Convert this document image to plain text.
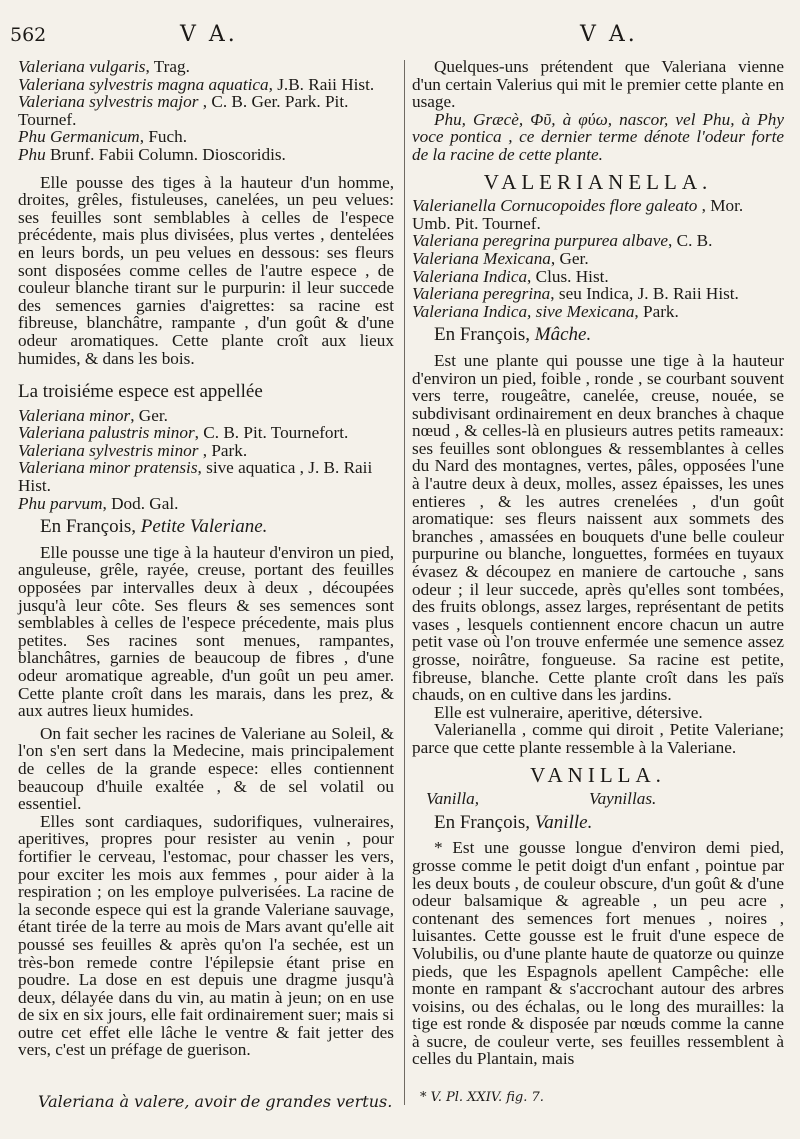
562	V A.	V A.

Valeriana vulgaris, Trag.

Valeriana sylvestris magna aquatica, J.B. Raii Hist.

Valeriana sylvestris major , C. B. Ger. Park. Pit. Tournef.

Phu Germanicum, Fuch.

Phu Brunf. Fabii Column. Dioscoridis.

Elle pousse des tiges à la hauteur d'un homme, droites, grêles, fistuleuses, canelées, un peu velues: ses feuilles sont semblables à celles de l'espece précédente, mais plus divisées, plus vertes , dentelées en leurs bords, un peu velues en dessous: ses fleurs sont disposées comme celles de l'autre espece , de couleur blanche tirant sur le purpurin: il leur succede des semences garnies d'aigrettes: sa racine est fibreuse, blanchâtre, rampante , d'un goût & d'une odeur aromatiques. Cette plante croît aux lieux humides, & dans les bois.

La troisiéme espece est appellée

Valeriana minor, Ger.

Valeriana palustris minor, C. B. Pit. Tournefort.

Valeriana sylvestris minor , Park.

Valeriana minor pratensis, sive aquatica , J. B. Raii Hist.

Phu parvum, Dod. Gal.

En François, Petite Valeriane.

Elle pousse une tige à la hauteur d'environ un pied, anguleuse, grêle, rayée, creuse, portant des feuilles opposées par intervalles deux à deux , découpées jusqu'à leur côte. Ses fleurs & ses semences sont semblables à celles de l'espece précedente, mais plus petites. Ses racines sont menues, rampantes, blanchâtres, garnies de beaucoup de fibres , d'une odeur aromatique agreable, d'un goût un peu amer. Cette plante croît dans les marais, dans les prez, & aux autres lieux humides.

On fait secher les racines de Valeriane au Soleil, & l'on s'en sert dans la Medecine, mais principalement de celles de la grande espece: elles contiennent beaucoup d'huile exaltée , & de sel volatil ou essentiel.

Elles sont cardiaques, sudorifiques, vulneraires, aperitives, propres pour resister au venin , pour fortifier le cerveau, l'estomac, pour chasser les vers, pour exciter les mois aux femmes , pour aider à la respiration ; on les employe pulverisées. La racine de la seconde espece qui est la grande Valeriane sauvage, étant tirée de la terre au mois de Mars avant qu'elle ait poussé ses feuilles & après qu'on l'a sechée, est un très-bon remede contre l'épilepsie étant prise en poudre. La dose en est depuis une dragme jusqu'à deux, délayée dans du vin, au matin à jeun; on en use de six en six jours, elle fait ordinairement suer; mais si outre cet effet elle lâche le ventre & fait jetter des vers, c'est un préfage de guerison.

Valeriana à valere, avoir de grandes vertus.

Quelques-uns prétendent que Valeriana vienne d'un certain Valerius qui mit le premier cette plante en usage.

Phu, Græcè, Φῦ, à φύω, nascor, vel Phu, à Phy voce pontica , ce dernier terme dénote l'odeur forte de la racine de cette plante.

VALERIANELLA.

Valerianella Cornucopoides flore galeato , Mor. Umb. Pit. Tournef.

Valeriana peregrina purpurea albave, C. B.

Valeriana Mexicana, Ger.

Valeriana Indica, Clus. Hist.

Valeriana peregrina, seu Indica, J. B. Raii Hist.

Valeriana Indica, sive Mexicana, Park.

En François, Mâche.

Est une plante qui pousse une tige à la hauteur d'environ un pied, foible , ronde , se courbant souvent vers terre, rougeâtre, canelée, creuse, nouée, se subdivisant ordinairement en deux branches à chaque nœud , & celles-là en plusieurs autres petits rameaux: ses feuilles sont oblongues & ressemblantes à celles du Nard des montagnes, vertes, pâles, opposées l'une à l'autre deux à deux, molles, assez épaisses, les unes entieres , & les autres crenelées , d'un goût aromatique: ses fleurs naissent aux sommets des branches , amassées en bouquets d'une belle couleur purpurine ou blanche, longuettes, formées en tuyaux évasez & découpez en maniere de cartouche , sans odeur ; il leur succede, après qu'elles sont tombées, des fruits oblongs, assez larges, représentant de petits vases , lesquels contiennent encore chacun un autre petit vase où l'on trouve enfermée une semence assez grosse, noirâtre, fongueuse. Sa racine est petite, fibreuse, blanche. Cette plante croît dans les païs chauds, on en cultive dans les jardins.

Elle est vulneraire, aperitive, détersive.

Valerianella , comme qui diroit , Petite Valeriane; parce que cette plante ressemble à la Valeriane.

VANILLA.

Vanilla,	Vaynillas.

En François, Vanille.

* Est une gousse longue d'environ demi pied, grosse comme le petit doigt d'un enfant , pointue par les deux bouts , de couleur obscure, d'un goût & d'une odeur balsamique & agreable , un peu acre , contenant des semences fort menues , noires , luisantes. Cette gousse est le fruit d'une espece de Volubilis, ou d'une plante haute de quatorze ou quinze pieds, que les Espagnols apellent Campêche: elle monte en rampant & s'accrochant autour des arbres voisins, ou des échalas, ou le long des murailles: la tige est ronde & disposée par nœuds comme la canne à sucre, de couleur verte, ses feuilles ressemblent à celles du Plantain, mais

* V. Pl. XXIV. fig. 7.
